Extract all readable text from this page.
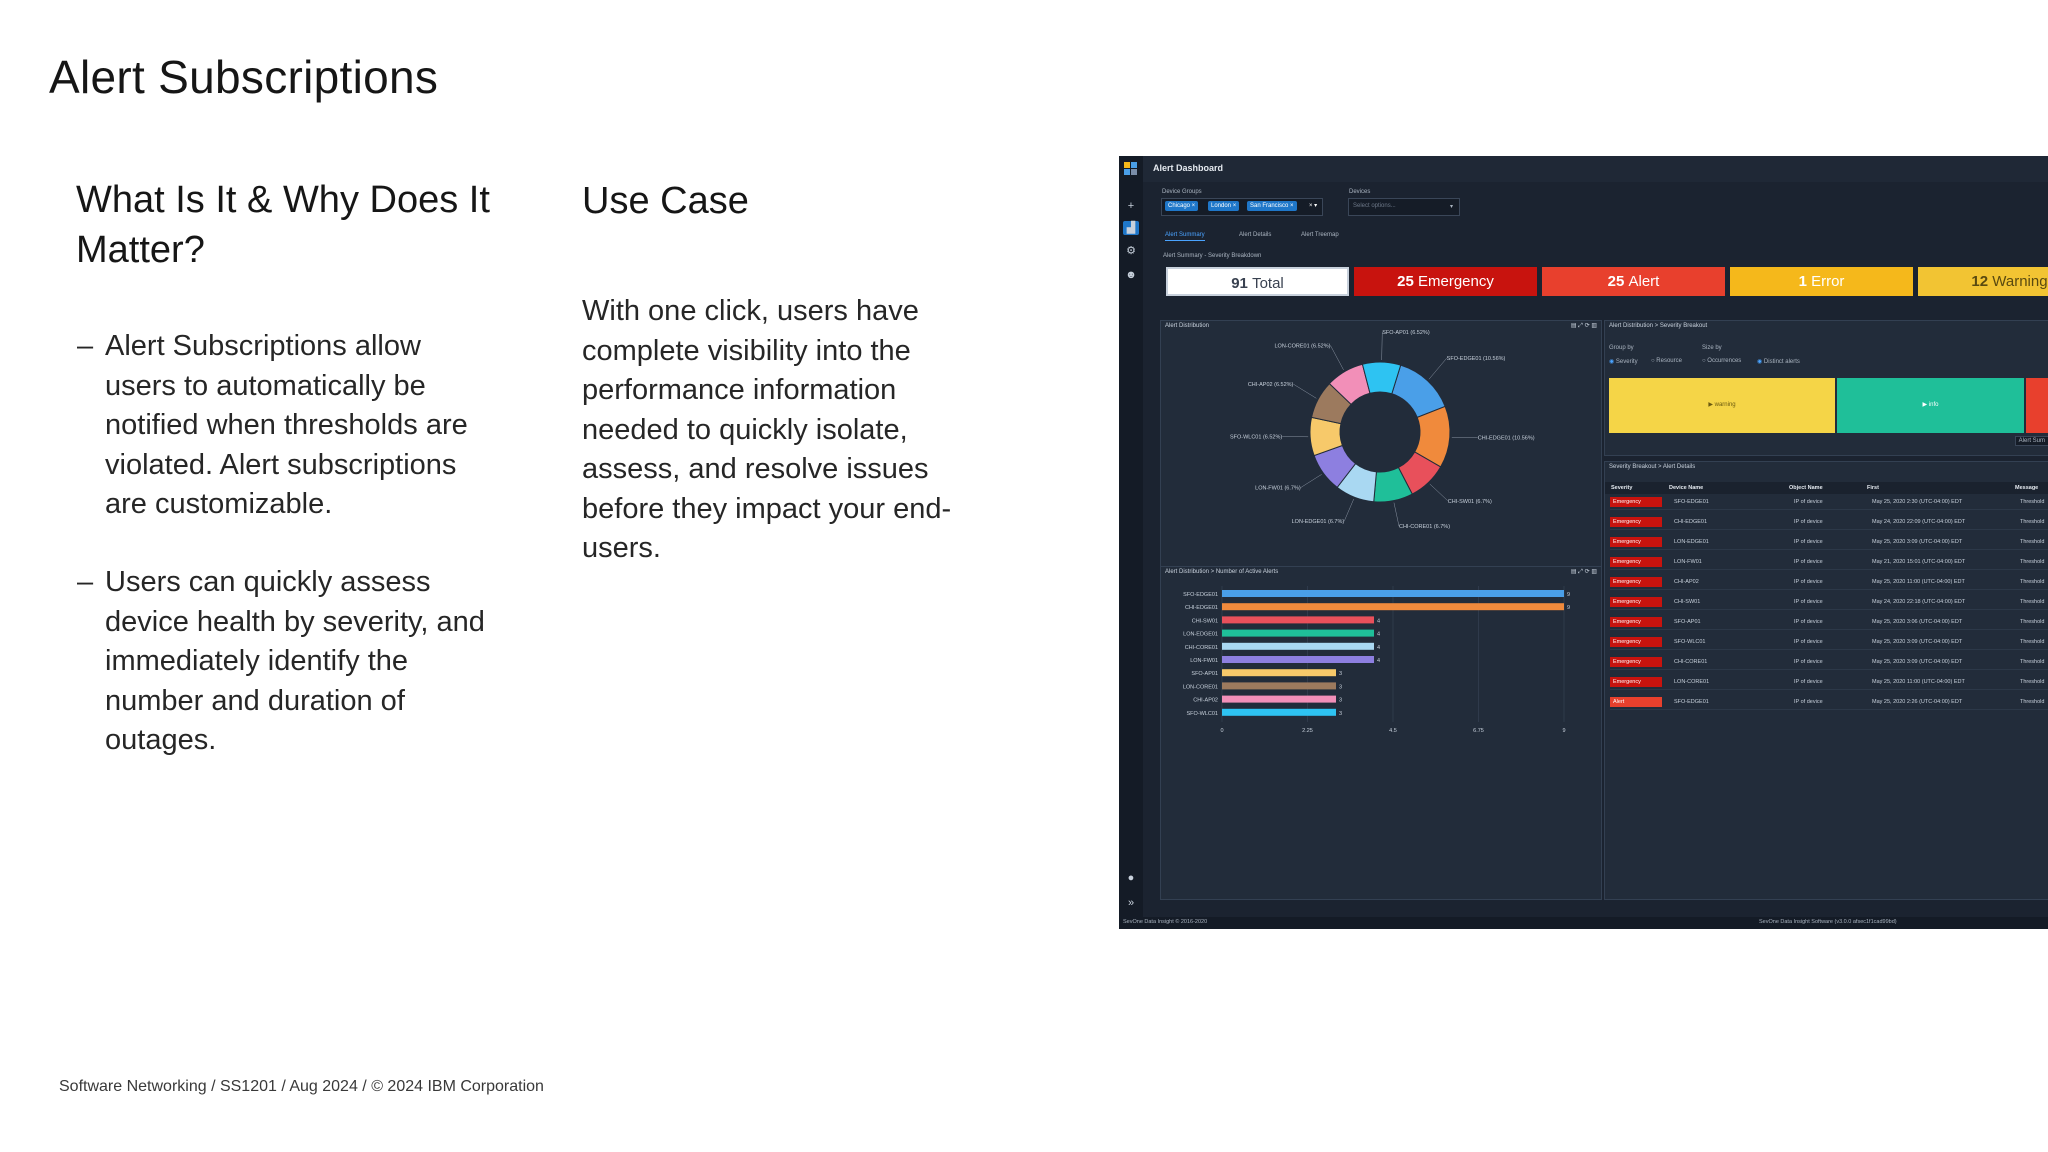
Alert Subscriptions
What Is It & Why Does It Matter?
– Alert Subscriptions allow users to automatically be notified when thresholds are violated. Alert subscriptions are customizable.
– Users can quickly assess device health by severity, and immediately identify the number and duration of outages.
Use Case
With one click, users have complete visibility into the performance information needed to quickly isolate, assess, and resolve issues before they impact your end-users.
Software Networking / SS1201 / Aug 2024 / © 2024 IBM Corporation
+
▟
⚙
☻
●
»
Alert Dashboard
Device Groups
Chicago ×	London ×	San Francisco ×	× ▾
Devices
Select options...	▾
Alert Summary	Alert Details	Alert Treemap
Alert Summary - Severity Breakdown
91 Total	25 Emergency	25 Alert	1 Error	12 Warning
Alert Distribution	▤ ⤢ ⟳ ▥
SFO-EDGE01 (10.56%)
CHI-EDGE01 (10.56%)
CHI-SW01 (6.7%)
CHI-CORE01 (6.7%)
LON-EDGE01 (6.7%)
LON-FW01 (6.7%)
SFO-WLC01 (6.52%)
CHI-AP02 (6.52%)
LON-CORE01 (6.52%)
SFO-AP01 (6.52%)
Alert Distribution > Number of Active Alerts	▤ ⤢ ⟳ ▥
0	2.25	4.5	6.75	9
SFO-EDGE01	9
CHI-EDGE01	9
CHI-SW01	4
LON-EDGE01	4
CHI-CORE01	4
LON-FW01	4
SFO-AP01	3
LON-CORE01	3
CHI-AP02	3
SFO-WLC01	3
Alert Distribution > Severity Breakout
Group by	Size by
◉ Severity ○ Resource	○ Occurrences	◉ Distinct alerts
Alert Sum
▶ warning	▶ info
Severity Breakout > Alert Details
Severity	Device Name	Object Name	First	Message
Emergency	SFO-EDGE01	IP of device	May 25, 2020 2:30 (UTC-04:00) EDT	Threshold
Emergency	CHI-EDGE01	IP of device	May 24, 2020 22:09 (UTC-04:00) EDT	Threshold
Emergency	LON-EDGE01	IP of device	May 25, 2020 3:09 (UTC-04:00) EDT	Threshold
Emergency	LON-FW01	IP of device	May 21, 2020 15:01 (UTC-04:00) EDT	Threshold
Emergency	CHI-AP02	IP of device	May 25, 2020 11:00 (UTC-04:00) EDT	Threshold
Emergency	CHI-SW01	IP of device	May 24, 2020 22:18 (UTC-04:00) EDT	Threshold
Emergency	SFO-AP01	IP of device	May 25, 2020 3:06 (UTC-04:00) EDT	Threshold
Emergency	SFO-WLC01	IP of device	May 25, 2020 3:09 (UTC-04:00) EDT	Threshold
Emergency	CHI-CORE01	IP of device	May 25, 2020 3:09 (UTC-04:00) EDT	Threshold
Emergency	LON-CORE01	IP of device	May 25, 2020 11:00 (UTC-04:00) EDT	Threshold
Alert	SFO-EDGE01	IP of device	May 25, 2020 2:26 (UTC-04:00) EDT	Threshold
SevOne Data Insight © 2016-2020	SevOne Data Insight Software (v3.0.0 afsec1f1cad99bd)
